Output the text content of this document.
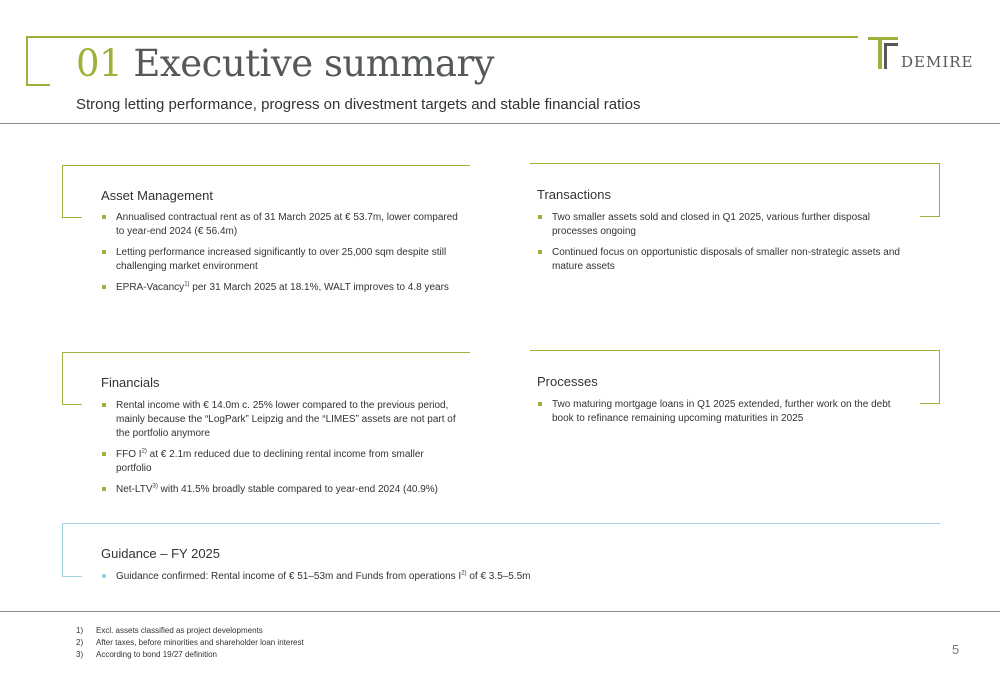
01 Executive summary
Strong letting performance, progress on divestment targets and stable financial ratios
DEMIRE
Asset Management
Annualised contractual rent as of 31 March 2025 at € 53.7m, lower compared to year-end 2024 (€ 56.4m)
Letting performance increased significantly to over 25,000 sqm despite still challenging market environment
EPRA-Vacancy$^{1)}$ per 31 March 2025 at 18.1%, WALT improves to 4.8 years
Transactions
Two smaller assets sold and closed in Q1 2025, various further disposal processes ongoing
Continued focus on opportunistic disposals of smaller non-strategic assets and mature assets
Financials
Rental income with € 14.0m c. 25% lower compared to the previous period, mainly because the “LogPark” Leipzig and the “LIMES” assets are not part of the portfolio anymore
FFO $I^{2)}$ at € 2.1m reduced due to declining rental income from smaller portfolio
Net-LTV$^{3)}$ with 41.5% broadly stable compared to year-end 2024 (40.9%)
Processes
Two maturing mortgage loans in Q1 2025 extended, further work on the debt book to refinance remaining upcoming maturities in 2025
Guidance – FY 2025
Guidance confirmed: Rental income of € 51–53m and Funds from operations $I^{2)}$ of € 3.5–5.5m
1)	Excl. assets classified as project developments
2)	After taxes, before minorities and shareholder loan interest
3)	According to bond 19/27 definition	5
